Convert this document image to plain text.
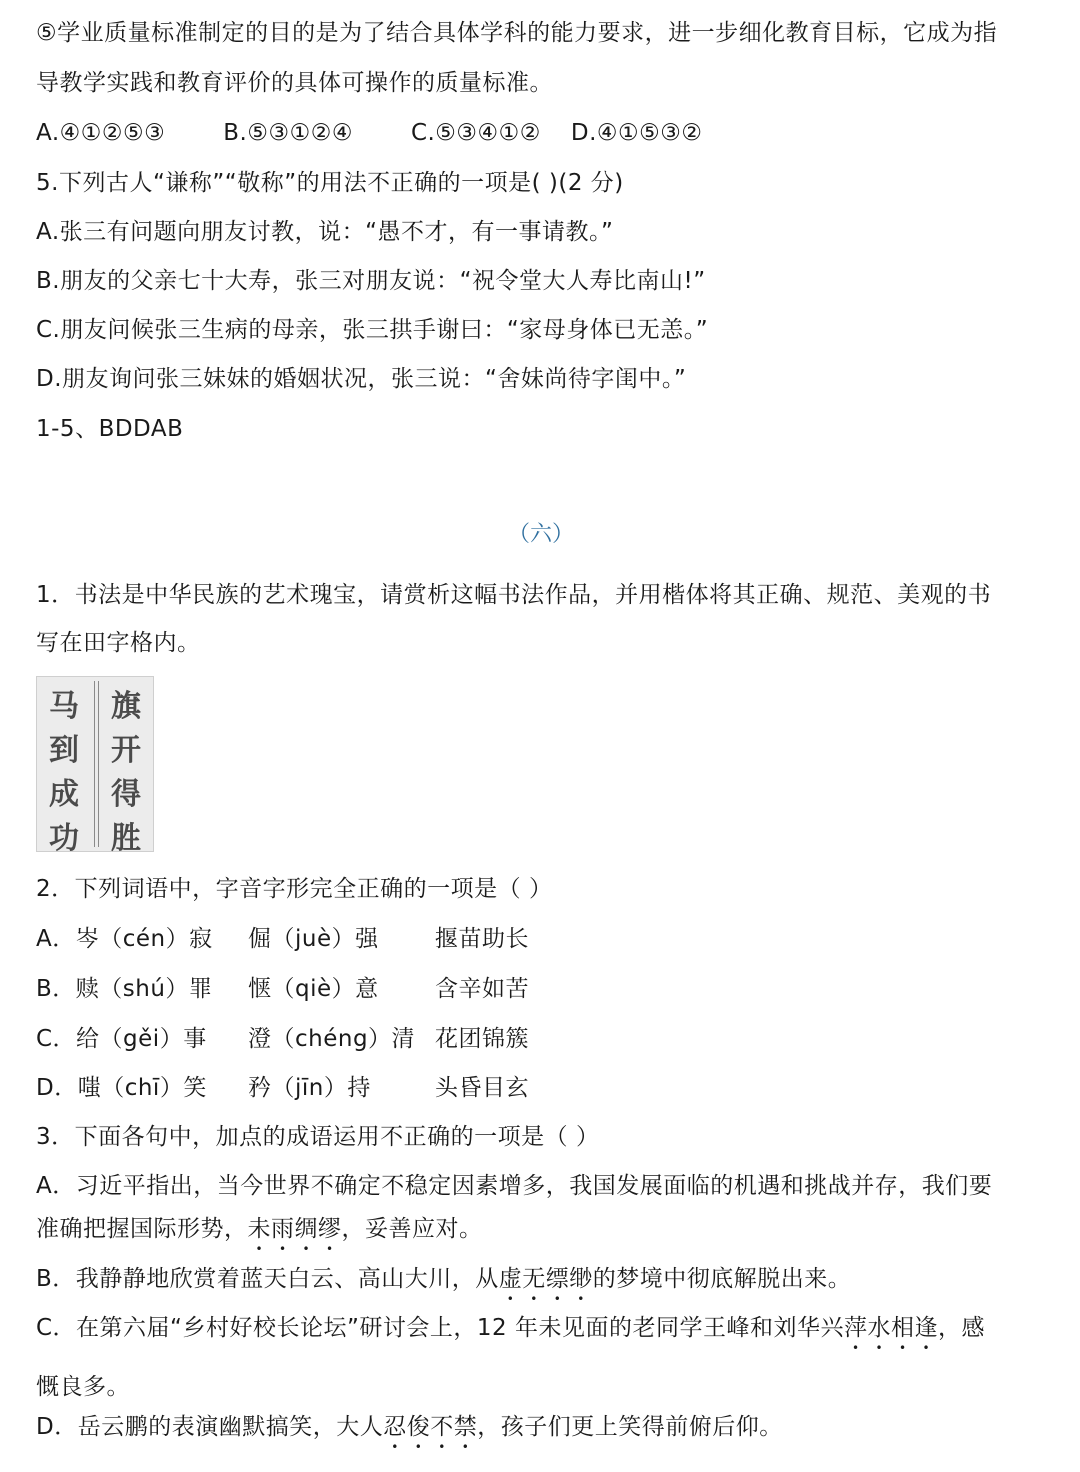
⑤学业质量标准制定的目的是为了结合具体学科的能力要求，进一步细化教育目标，它成为指
导教学实践和教育评价的具体可操作的质量标准。
A.④①②⑤③	B.⑤③①②④	C.⑤③④①② D.④①⑤③②
5.下列古人“谦称”“敬称”的用法不正确的一项是( )(2 分)
A.张三有问题向朋友讨教，说：“愚不才，有一事请教。”
B.朋友的父亲七十大寿，张三对朋友说：“祝令堂大人寿比南山!”
C.朋友问候张三生病的母亲，张三拱手谢曰：“家母身体已无恙。”
D.朋友询问张三妹妹的婚姻状况，张三说：“舍妹尚待字闺中。”
1-5、BDDAB
（六）
1．书法是中华民族的艺术瑰宝，请赏析这幅书法作品，并用楷体将其正确、规范、美观的书
写在田字格内。
马
到
成
功
旗
开
得
胜
2．下列词语中，字音字形完全正确的一项是（ ）
A．岑（cén）寂 倔（juè）强 揠苗助长
B．赎（shú）罪 惬（qiè）意 含辛如苦
C．给（gěi）事 澄（chéng）清 花团锦簇
D．嗤（chī）笑 矜（jīn）持	头昏目玄
3．下面各句中，加点的成语运用不正确的一项是（ ）
A．习近平指出，当今世界不确定不稳定因素增多，我国发展面临的机遇和挑战并存，我们要
准确把握国际形势，未雨绸缪，妥善应对。
B．我静静地欣赏着蓝天白云、高山大川，从虚无缥缈的梦境中彻底解脱出来。
C．在第六届“乡村好校长论坛”研讨会上，12 年未见面的老同学王峰和刘华兴萍水相逢，感
慨良多。
D．岳云鹏的表演幽默搞笑，大人忍俊不禁，孩子们更上笑得前俯后仰。
